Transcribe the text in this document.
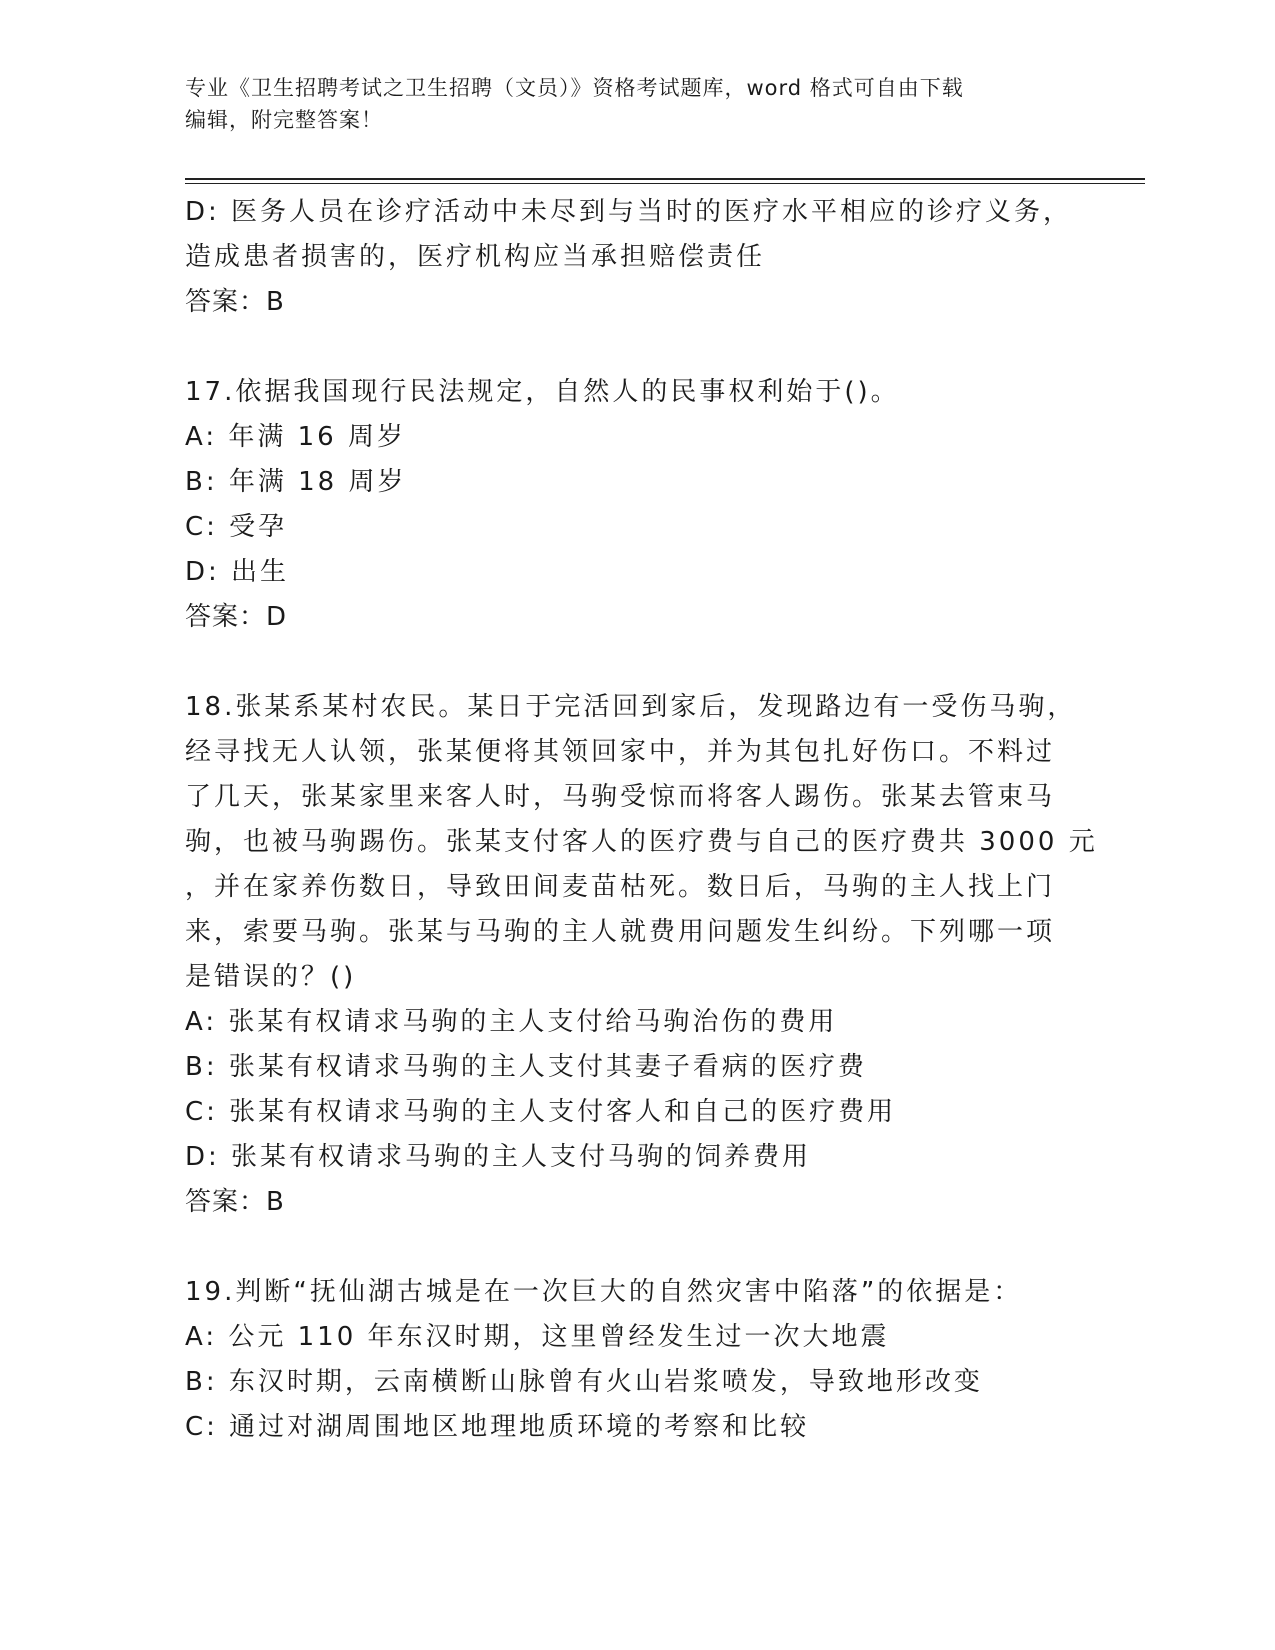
专业《卫生招聘考试之卫生招聘（文员）》资格考试题库，word 格式可自由下载
编辑，附完整答案！
D: 医务人员在诊疗活动中未尽到与当时的医疗水平相应的诊疗义务，
造成患者损害的，医疗机构应当承担赔偿责任
答案：B
17.依据我国现行民法规定，自然人的民事权利始于()。
A: 年满 16 周岁
B: 年满 18 周岁
C: 受孕
D: 出生
答案：D
18.张某系某村农民。某日于完活回到家后，发现路边有一受伤马驹，
经寻找无人认领，张某便将其领回家中，并为其包扎好伤口。不料过
了几天，张某家里来客人时，马驹受惊而将客人踢伤。张某去管束马
驹，也被马驹踢伤。张某支付客人的医疗费与自己的医疗费共 3000 元
，并在家养伤数日，导致田间麦苗枯死。数日后，马驹的主人找上门
来，索要马驹。张某与马驹的主人就费用问题发生纠纷。下列哪一项
是错误的？()
A: 张某有权请求马驹的主人支付给马驹治伤的费用
B: 张某有权请求马驹的主人支付其妻子看病的医疗费
C: 张某有权请求马驹的主人支付客人和自己的医疗费用
D: 张某有权请求马驹的主人支付马驹的饲养费用
答案：B
19.判断“抚仙湖古城是在一次巨大的自然灾害中陷落”的依据是：
A: 公元 110 年东汉时期，这里曾经发生过一次大地震
B: 东汉时期，云南横断山脉曾有火山岩浆喷发，导致地形改变
C: 通过对湖周围地区地理地质环境的考察和比较
